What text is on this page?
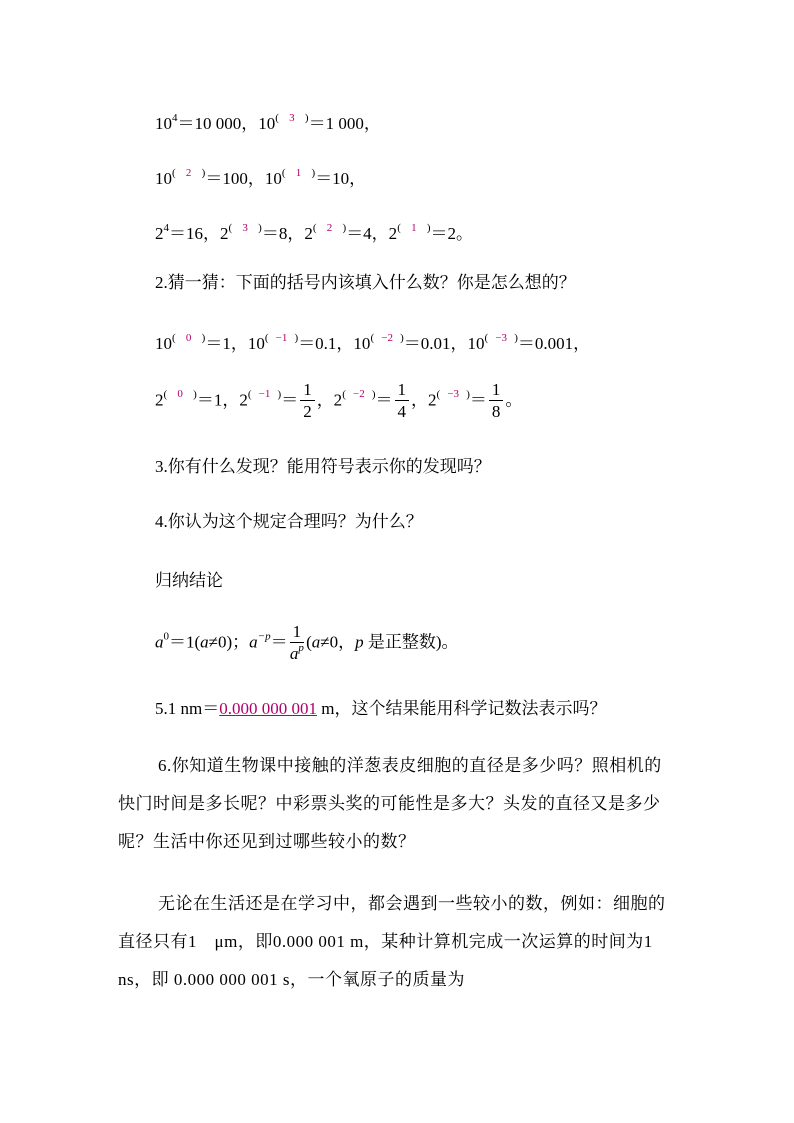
$10^4=10$ 000，10( 3 )＝1 000，
10( 2 )＝100，10( 1 )＝10，
$2^4=16$，2( 3 )＝8，2( 2 )＝4，2( 1 )＝2。
2.猜一猜：下面的括号内该填入什么数？你是怎么想的？
10( 0 )＝1，10( −1 )＝0.1，10( −2 )＝0.01，10( −3 )＝0.001，
2( 0 )＝1，2( −1 $^)= \frac{1}{2}$ ，2( −2 $^)= \frac{1}{4}$ ，2( −3 $^)= \frac{1}{8}$ 。
3.你有什么发现？能用符号表示你的发现吗？
4.你认为这个规定合理吗？为什么？
归纳结论
$a^0=1(a\ne 0)$；$a^{-p}= \frac{1}{a^p} (a\ne 0$，p 是正整数)。
5.1 nm＝0.000 000 001 m，这个结果能用科学记数法表示吗？
6.你知道生物课中接触的洋葱表皮细胞的直径是多少吗？照相机的快门时间是多长呢？中彩票头奖的可能性是多大？头发的直径又是多少呢？生活中你还见到过哪些较小的数？
无论在生活还是在学习中，都会遇到一些较小的数，例如：细胞的直径只有1　μm，即0.000 001 m，某种计算机完成一次运算的时间为1 ns，即 0.000 000 001 s，一个氧原子的质量为
